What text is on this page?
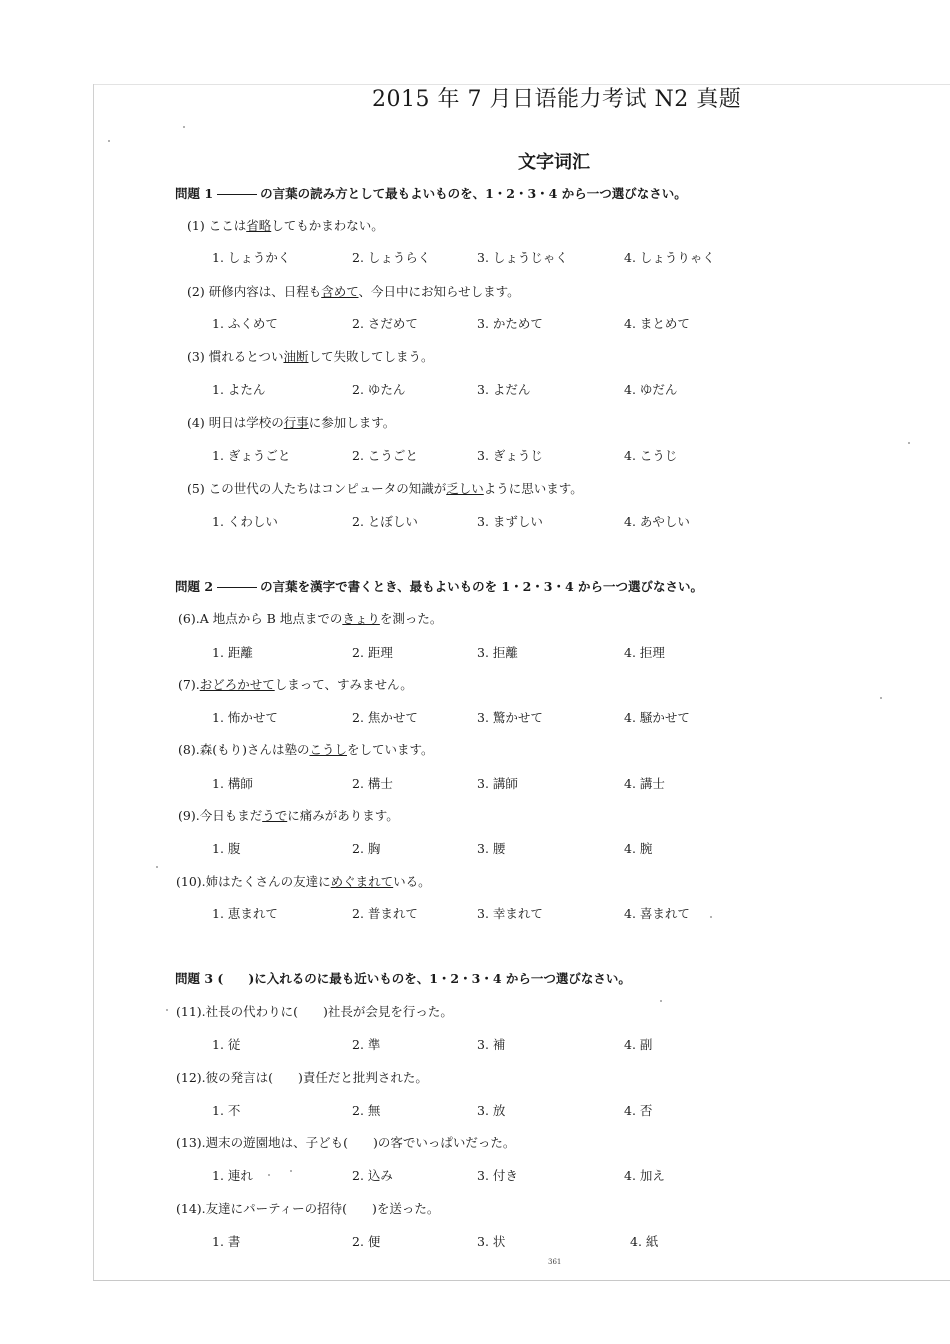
2015 年 7 月日语能力考试 N2 真题
文字词汇
問題 1	の言葉の読み方として最もよいものを、1・2・3・4 から一つ選びなさい。
(1) ここは省略してもかまわない。
1. しょうかく	2. しょうらく	3. しょうじゃく	4. しょうりゃく
(2) 研修内容は、日程も含めて、今日中にお知らせします。
1. ふくめて	2. さだめて	3. かためて	4. まとめて
(3) 慣れるとつい油断して失敗してしまう。
1. よたん	2. ゆたん	3. よだん	4. ゆだん
(4) 明日は学校の行事に参加します。
1. ぎょうごと	2. こうごと	3. ぎょうじ	4. こうじ
(5) この世代の人たちはコンピュータの知識が乏しいように思います。
1. くわしい	2. とぼしい	3. まずしい	4. あやしい
問題 2	の言葉を漢字で書くとき、最もよいものを 1・2・3・4 から一つ選びなさい。
(6).A 地点から B 地点までのきょりを測った。
1. 距離	2. 距理	3. 拒離	4. 拒理
(7).おどろかせてしまって、すみません。
1. 怖かせて	2. 焦かせて	3. 驚かせて	4. 騒かせて
(8).森(もり)さんは塾のこうしをしています。
1. 構師	2. 構士	3. 講師	4. 講士
(9).今日もまだうでに痛みがあります。
1. 腹	2. 胸	3. 腰	4. 腕
(10).姉はたくさんの友達にめぐまれている。
1. 恵まれて	2. 普まれて	3. 幸まれて	4. 喜まれて
問題 3 (　　)に入れるのに最も近いものを、1・2・3・4 から一つ選びなさい。
(11).社長の代わりに(　　)社長が会見を行った。
1. 従	2. 準	3. 補	4. 副
(12).彼の発言は(　　)責任だと批判された。
1. 不	2. 無	3. 放	4. 否
(13).週末の遊園地は、子ども(　　)の客でいっぱいだった。
1. 連れ	2. 込み	3. 付き	4. 加え
(14).友達にパーティーの招待(　　)を送った。
1. 書	2. 便	3. 状	4. 紙
361
